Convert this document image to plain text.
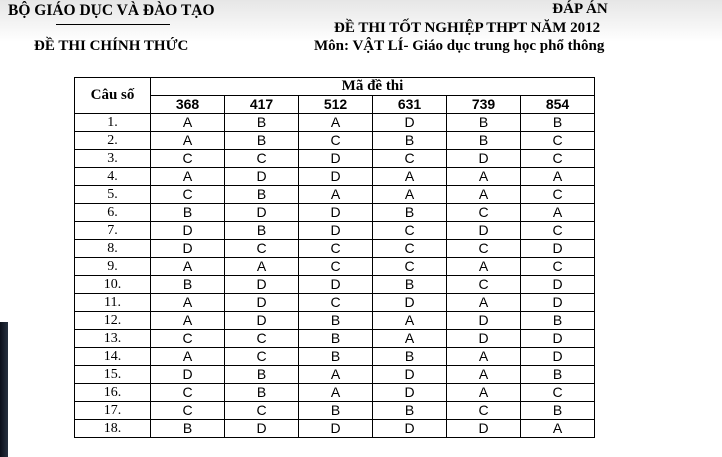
BỘ GIÁO DỤC VÀ ĐÀO TẠO
ĐỀ THI CHÍNH THỨC
ĐÁP ÁN
ĐỀ THI TỐT NGHIỆP THPT NĂM 2012
Môn: VẬT LÍ- Giáo dục trung học phổ thông
Câu số	Mã đề thi					
	368	417	512	631	739	854
1.	A	B	A	D	B	B
2.	A	B	C	B	B	C
3.	C	C	D	C	D	C
4.	A	D	D	A	A	A
5.	C	B	A	A	A	C
6.	B	D	D	B	C	A
7.	D	B	D	C	D	C
8.	D	C	C	C	C	D
9.	A	A	C	C	A	C
10.	B	D	D	B	C	D
11.	A	D	C	D	A	D
12.	A	D	B	A	D	B
13.	C	C	B	A	D	D
14.	A	C	B	B	A	D
15.	D	B	A	D	A	B
16.	C	B	A	D	A	C
17.	C	C	B	B	C	B
18.	B	D	D	D	D	A
